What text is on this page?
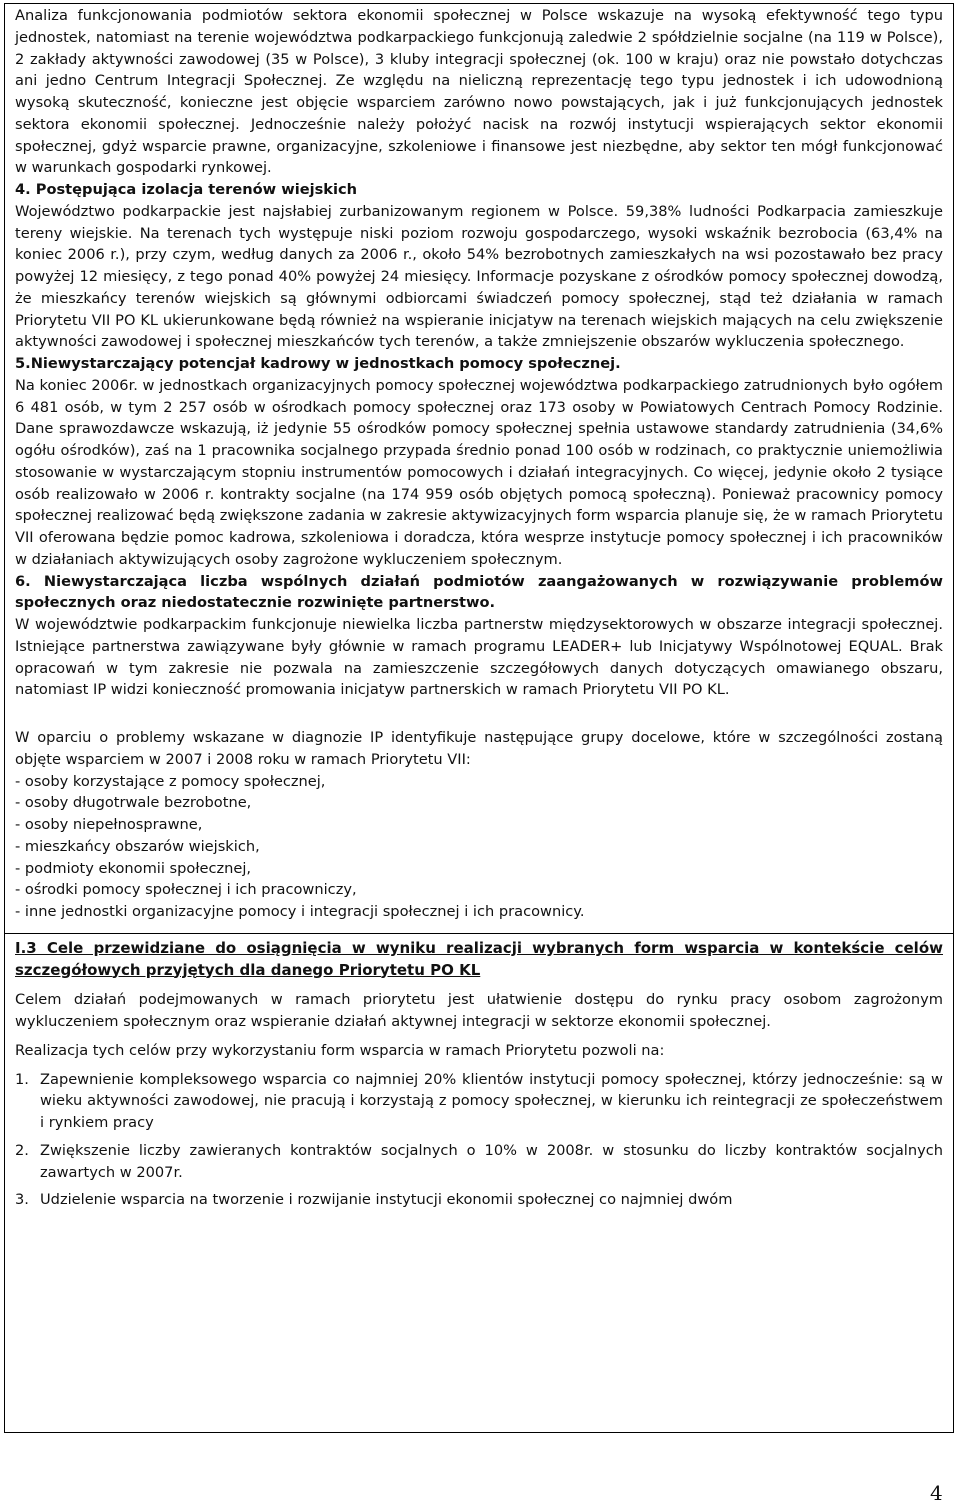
Analiza funkcjonowania podmiotów sektora ekonomii społecznej w Polsce wskazuje na wysoką efektywność tego typu jednostek, natomiast na terenie województwa podkarpackiego funkcjonują zaledwie 2 spółdzielnie socjalne (na 119 w Polsce), 2 zakłady aktywności zawodowej (35 w Polsce), 3 kluby integracji społecznej (ok. 100 w kraju) oraz nie powstało dotychczas ani jedno Centrum Integracji Społecznej. Ze względu na nieliczną reprezentację tego typu jednostek i ich udowodnioną wysoką skuteczność, konieczne jest objęcie wsparciem zarówno nowo powstających, jak i już funkcjonujących jednostek sektora ekonomii społecznej. Jednocześnie należy położyć nacisk na rozwój instytucji wspierających sektor ekonomii społecznej, gdyż wsparcie prawne, organizacyjne, szkoleniowe i finansowe jest niezbędne, aby sektor ten mógł funkcjonować w warunkach gospodarki rynkowej.

4. Postępująca izolacja terenów wiejskich

Województwo podkarpackie jest najsłabiej zurbanizowanym regionem w Polsce. 59,38% ludności Podkarpacia zamieszkuje tereny wiejskie. Na terenach tych występuje niski poziom rozwoju gospodarczego, wysoki wskaźnik bezrobocia (63,4% na koniec 2006 r.), przy czym, według danych za 2006 r., około 54% bezrobotnych zamieszkałych na wsi pozostawało bez pracy powyżej 12 miesięcy, z tego ponad 40% powyżej 24 miesięcy. Informacje pozyskane z ośrodków pomocy społecznej dowodzą, że mieszkańcy terenów wiejskich są głównymi odbiorcami świadczeń pomocy społecznej, stąd też działania w ramach Priorytetu VII PO KL ukierunkowane będą również na wspieranie inicjatyw na terenach wiejskich mających na celu zwiększenie aktywności zawodowej i społecznej mieszkańców tych terenów, a także zmniejszenie obszarów wykluczenia społecznego.

5.Niewystarczający potencjał kadrowy w jednostkach pomocy społecznej.

Na koniec 2006r. w jednostkach organizacyjnych pomocy społecznej województwa podkarpackiego zatrudnionych było ogółem 6 481 osób, w tym 2 257 osób w ośrodkach pomocy społecznej oraz 173 osoby w Powiatowych Centrach Pomocy Rodzinie. Dane sprawozdawcze wskazują, iż jedynie 55 ośrodków pomocy społecznej spełnia ustawowe standardy zatrudnienia (34,6% ogółu ośrodków), zaś na 1 pracownika socjalnego przypada średnio ponad 100 osób w rodzinach, co praktycznie uniemożliwia stosowanie w wystarczającym stopniu instrumentów pomocowych i działań integracyjnych. Co więcej, jedynie około 2 tysiące osób realizowało w 2006 r. kontrakty socjalne (na 174 959 osób objętych pomocą społeczną). Ponieważ pracownicy pomocy społecznej realizować będą zwiększone zadania w zakresie aktywizacyjnych form wsparcia planuje się, że w ramach Priorytetu VII oferowana będzie pomoc kadrowa, szkoleniowa i doradcza, która wesprze instytucje pomocy społecznej i ich pracowników w działaniach aktywizujących osoby zagrożone wykluczeniem społecznym.

6. Niewystarczająca liczba wspólnych działań podmiotów zaangażowanych w rozwiązywanie problemów społecznych oraz niedostatecznie rozwinięte partnerstwo.

W województwie podkarpackim funkcjonuje niewielka liczba partnerstw międzysektorowych w obszarze integracji społecznej. Istniejące partnerstwa zawiązywane były głównie w ramach programu LEADER+ lub Inicjatywy Wspólnotowej EQUAL. Brak opracowań w tym zakresie nie pozwala na zamieszczenie szczegółowych danych dotyczących omawianego obszaru, natomiast IP widzi konieczność promowania inicjatyw partnerskich w ramach Priorytetu VII PO KL.

W oparciu o problemy wskazane w diagnozie IP identyfikuje następujące grupy docelowe, które w szczególności zostaną objęte wsparciem w 2007 i 2008 roku w ramach Priorytetu VII:

- osoby korzystające z pomocy społecznej,
- osoby długotrwale bezrobotne,
- osoby niepełnosprawne,
- mieszkańcy obszarów wiejskich,
- podmioty ekonomii społecznej,
- ośrodki pomocy społecznej i ich pracowniczy,
- inne jednostki organizacyjne pomocy i integracji społecznej i ich pracownicy.
I.3 Cele przewidziane do osiągnięcia w wyniku realizacji wybranych form wsparcia w kontekście celów szczegółowych przyjętych dla danego Priorytetu PO KL

Celem działań podejmowanych w ramach priorytetu jest ułatwienie dostępu do rynku pracy osobom zagrożonym wykluczeniem społecznym oraz wspieranie działań aktywnej integracji w sektorze ekonomii społecznej.

Realizacja tych celów przy wykorzystaniu form wsparcia w ramach Priorytetu pozwoli na:

1. Zapewnienie kompleksowego wsparcia co najmniej 20% klientów instytucji pomocy społecznej, którzy jednocześnie: są w wieku aktywności zawodowej, nie pracują i korzystają z pomocy społecznej, w kierunku ich reintegracji ze społeczeństwem i rynkiem pracy
2. Zwiększenie liczby zawieranych kontraktów socjalnych o 10% w 2008r. w stosunku do liczby kontraktów socjalnych zawartych w 2007r.
3. Udzielenie wsparcia na tworzenie i rozwijanie instytucji ekonomii społecznej co najmniej dwóm
4
